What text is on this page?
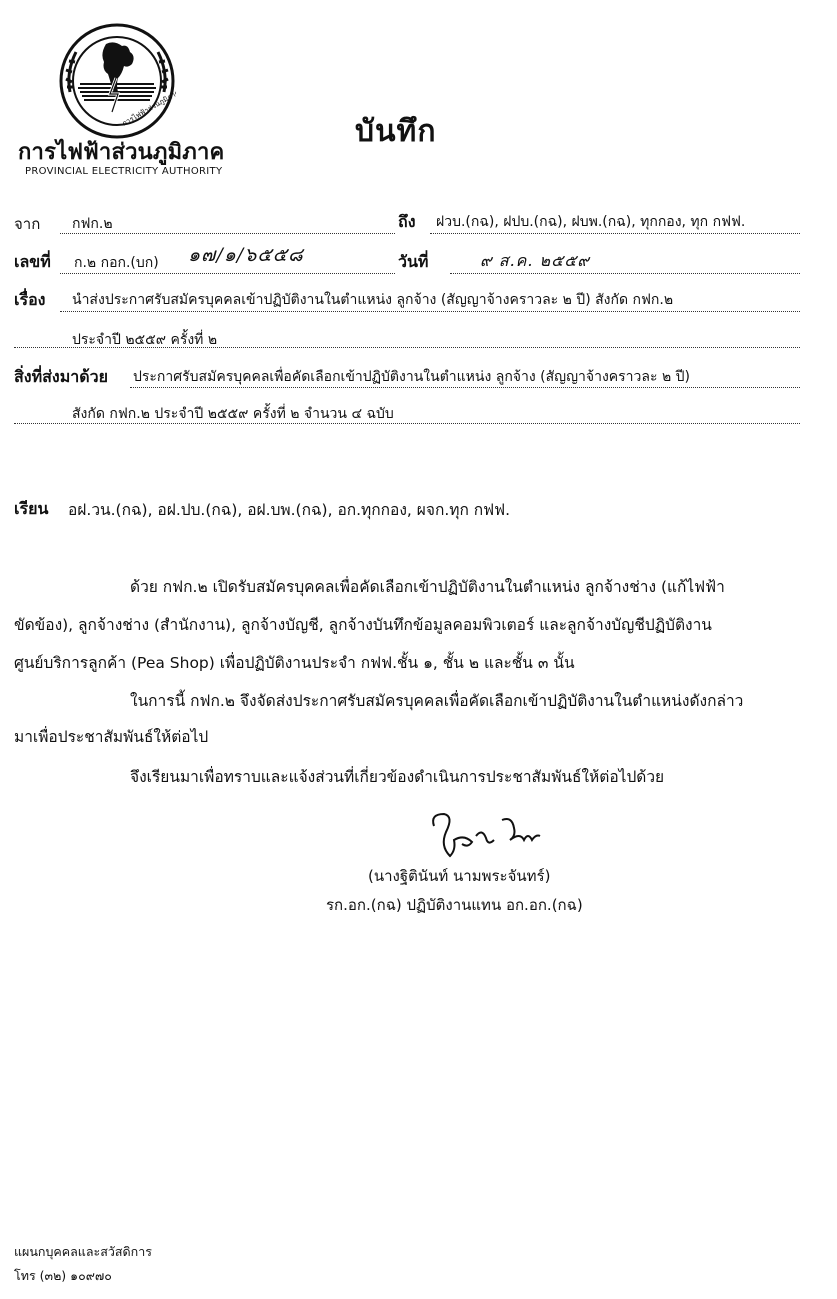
การไฟฟ้าส่วนภูมิภาค
การไฟฟ้าส่วนภูมิภาค
PROVINCIAL ELECTRICITY AUTHORITY
บันทึก
จาก กฟก.๒	ถึง ฝวบ.(กฉ), ฝปบ.(กฉ), ฝบพ.(กฉ), ทุกกอง, ทุก กฟฟ.
เลขที่ ก.๒ กอก.(บก) ๑๗/๑/๖๕๕๘	วันที่	๙ ส.ค. ๒๕๕๙
เรื่อง นำส่งประกาศรับสมัครบุคคลเข้าปฏิบัติงานในตำแหน่ง ลูกจ้าง (สัญญาจ้างคราวละ ๒ ปี) สังกัด กฟก.๒
ประจำปี ๒๕๕๙ ครั้งที่ ๒
สิ่งที่ส่งมาด้วย ประกาศรับสมัครบุคคลเพื่อคัดเลือกเข้าปฏิบัติงานในตำแหน่ง ลูกจ้าง (สัญญาจ้างคราวละ ๒ ปี)
สังกัด กฟก.๒ ประจำปี ๒๕๕๙ ครั้งที่ ๒ จำนวน ๔ ฉบับ
เรียน อฝ.วน.(กฉ), อฝ.ปบ.(กฉ), อฝ.บพ.(กฉ), อก.ทุกกอง, ผจก.ทุก กฟฟ.
ด้วย กฟก.๒ เปิดรับสมัครบุคคลเพื่อคัดเลือกเข้าปฏิบัติงานในตำแหน่ง ลูกจ้างช่าง (แก้ไฟฟ้า
ขัดข้อง), ลูกจ้างช่าง (สำนักงาน), ลูกจ้างบัญชี, ลูกจ้างบันทึกข้อมูลคอมพิวเตอร์ และลูกจ้างบัญชีปฏิบัติงาน
ศูนย์บริการลูกค้า (Pea Shop) เพื่อปฏิบัติงานประจำ กฟฟ.ชั้น ๑, ชั้น ๒ และชั้น ๓ นั้น
ในการนี้ กฟก.๒ จึงจัดส่งประกาศรับสมัครบุคคลเพื่อคัดเลือกเข้าปฏิบัติงานในตำแหน่งดังกล่าว
มาเพื่อประชาสัมพันธ์ให้ต่อไป
จึงเรียนมาเพื่อทราบและแจ้งส่วนที่เกี่ยวข้องดำเนินการประชาสัมพันธ์ให้ต่อไปด้วย
(นางฐิตินันท์ นามพระจันทร์)
รก.อก.(กฉ) ปฏิบัติงานแทน อก.อก.(กฉ)
แผนกบุคคลและสวัสดิการ
โทร (๓๒) ๑๐๙๗๐
